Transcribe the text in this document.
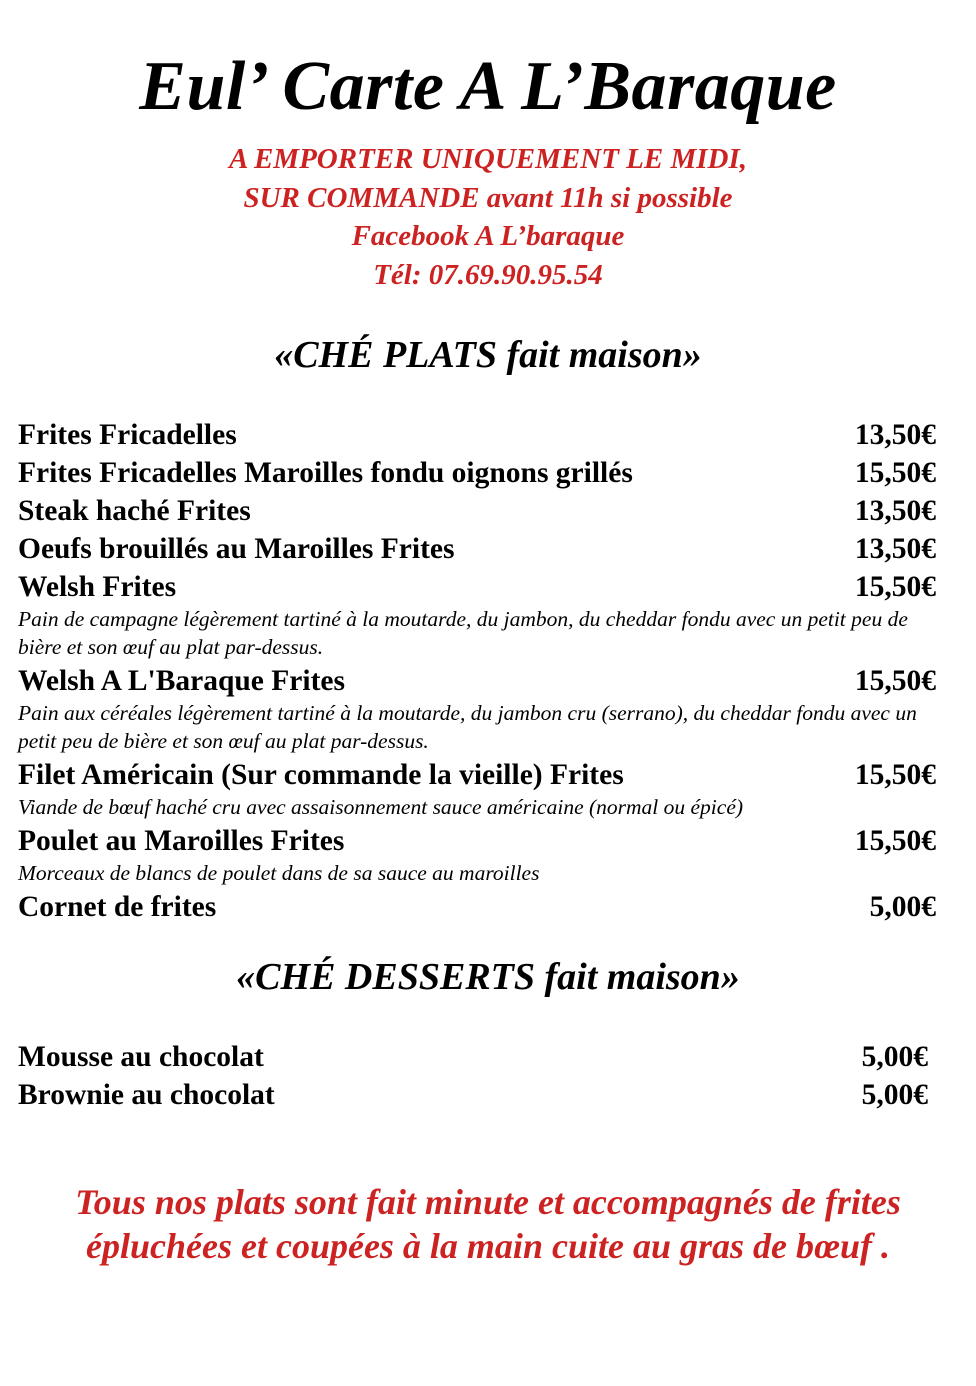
Eul’ Carte A L’Baraque
A EMPORTER UNIQUEMENT LE MIDI,
SUR COMMANDE avant 11h si possible
Facebook A L’baraque
Tél: 07.69.90.95.54
«CHÉ PLATS fait maison»
Frites Fricadelles	13,50€
Frites Fricadelles Maroilles fondu oignons grillés	15,50€
Steak haché Frites	13,50€
Oeufs brouillés au Maroilles Frites	13,50€
Welsh Frites	15,50€
Pain de campagne légèrement tartiné à la moutarde, du jambon, du cheddar fondu avec un petit peu de bière et son œuf au plat par-dessus.
Welsh A L'Baraque Frites	15,50€
Pain aux céréales légèrement tartiné à la moutarde, du jambon cru (serrano), du cheddar fondu avec un petit peu de bière et son œuf au plat par-dessus.
Filet Américain (Sur commande la vieille) Frites	15,50€
Viande de bœuf haché cru avec assaisonnement sauce américaine (normal ou épicé)
Poulet au Maroilles Frites	15,50€
Morceaux de blancs de poulet dans de sa sauce au maroilles
Cornet de frites	5,00€
«CHÉ DESSERTS fait maison»
Mousse au chocolat	5,00€
Brownie au chocolat	5,00€
Tous nos plats sont fait minute et accompagnés de frites
épluchées et coupées à la main cuite au gras de bœuf .
